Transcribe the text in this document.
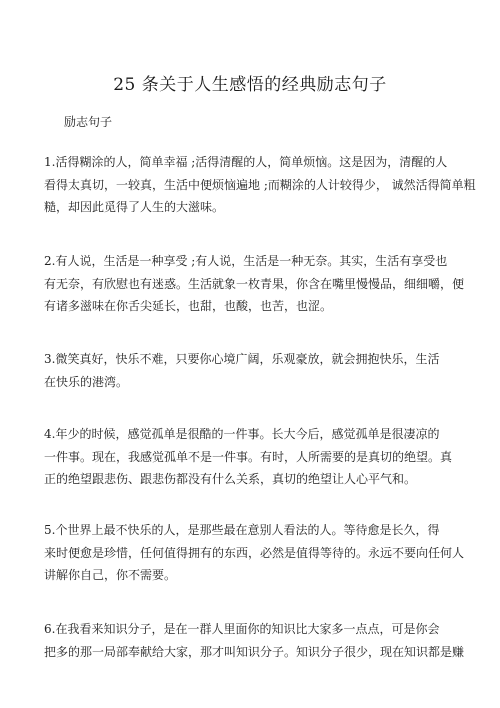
25 条关于人生感悟的经典励志句子
励志句子
1.活得糊涂的人，简单幸福 ;活得清醒的人，简单烦恼。这是因为，清醒的人
看得太真切，一较真，生活中便烦恼遍地 ;而糊涂的人计较得少， 诚然活得简单粗
糙，却因此觅得了人生的大滋味。
2.有人说，生活是一种享受 ;有人说，生活是一种无奈。其实，生活有享受也
有无奈，有欣慰也有迷惑。生活就象一枚青果，你含在嘴里慢慢品，细细嚼，便
有诸多滋味在你舌尖延长，也甜，也酸，也苦，也涩。
3.微笑真好，快乐不难，只要你心境广阔，乐观豪放，就会拥抱快乐，生活
在快乐的港湾。
4.年少的时候，感觉孤单是很酷的一件事。长大今后，感觉孤单是很凄凉的
一件事。现在，我感觉孤单不是一件事。有时，人所需要的是真切的绝望。真
正的绝望跟悲伤、跟悲伤都没有什么关系，真切的绝望让人心平气和。
5.个世界上最不快乐的人，是那些最在意别人看法的人。等待愈是长久，得
来时便愈是珍惜，任何值得拥有的东西，必然是值得等待的。永远不要向任何人
讲解你自己，你不需要。
6.在我看来知识分子，是在一群人里面你的知识比大家多一点点，可是你会
把多的那一局部奉献给大家，那才叫知识分子。知识分子很少，现在知识都是赚
